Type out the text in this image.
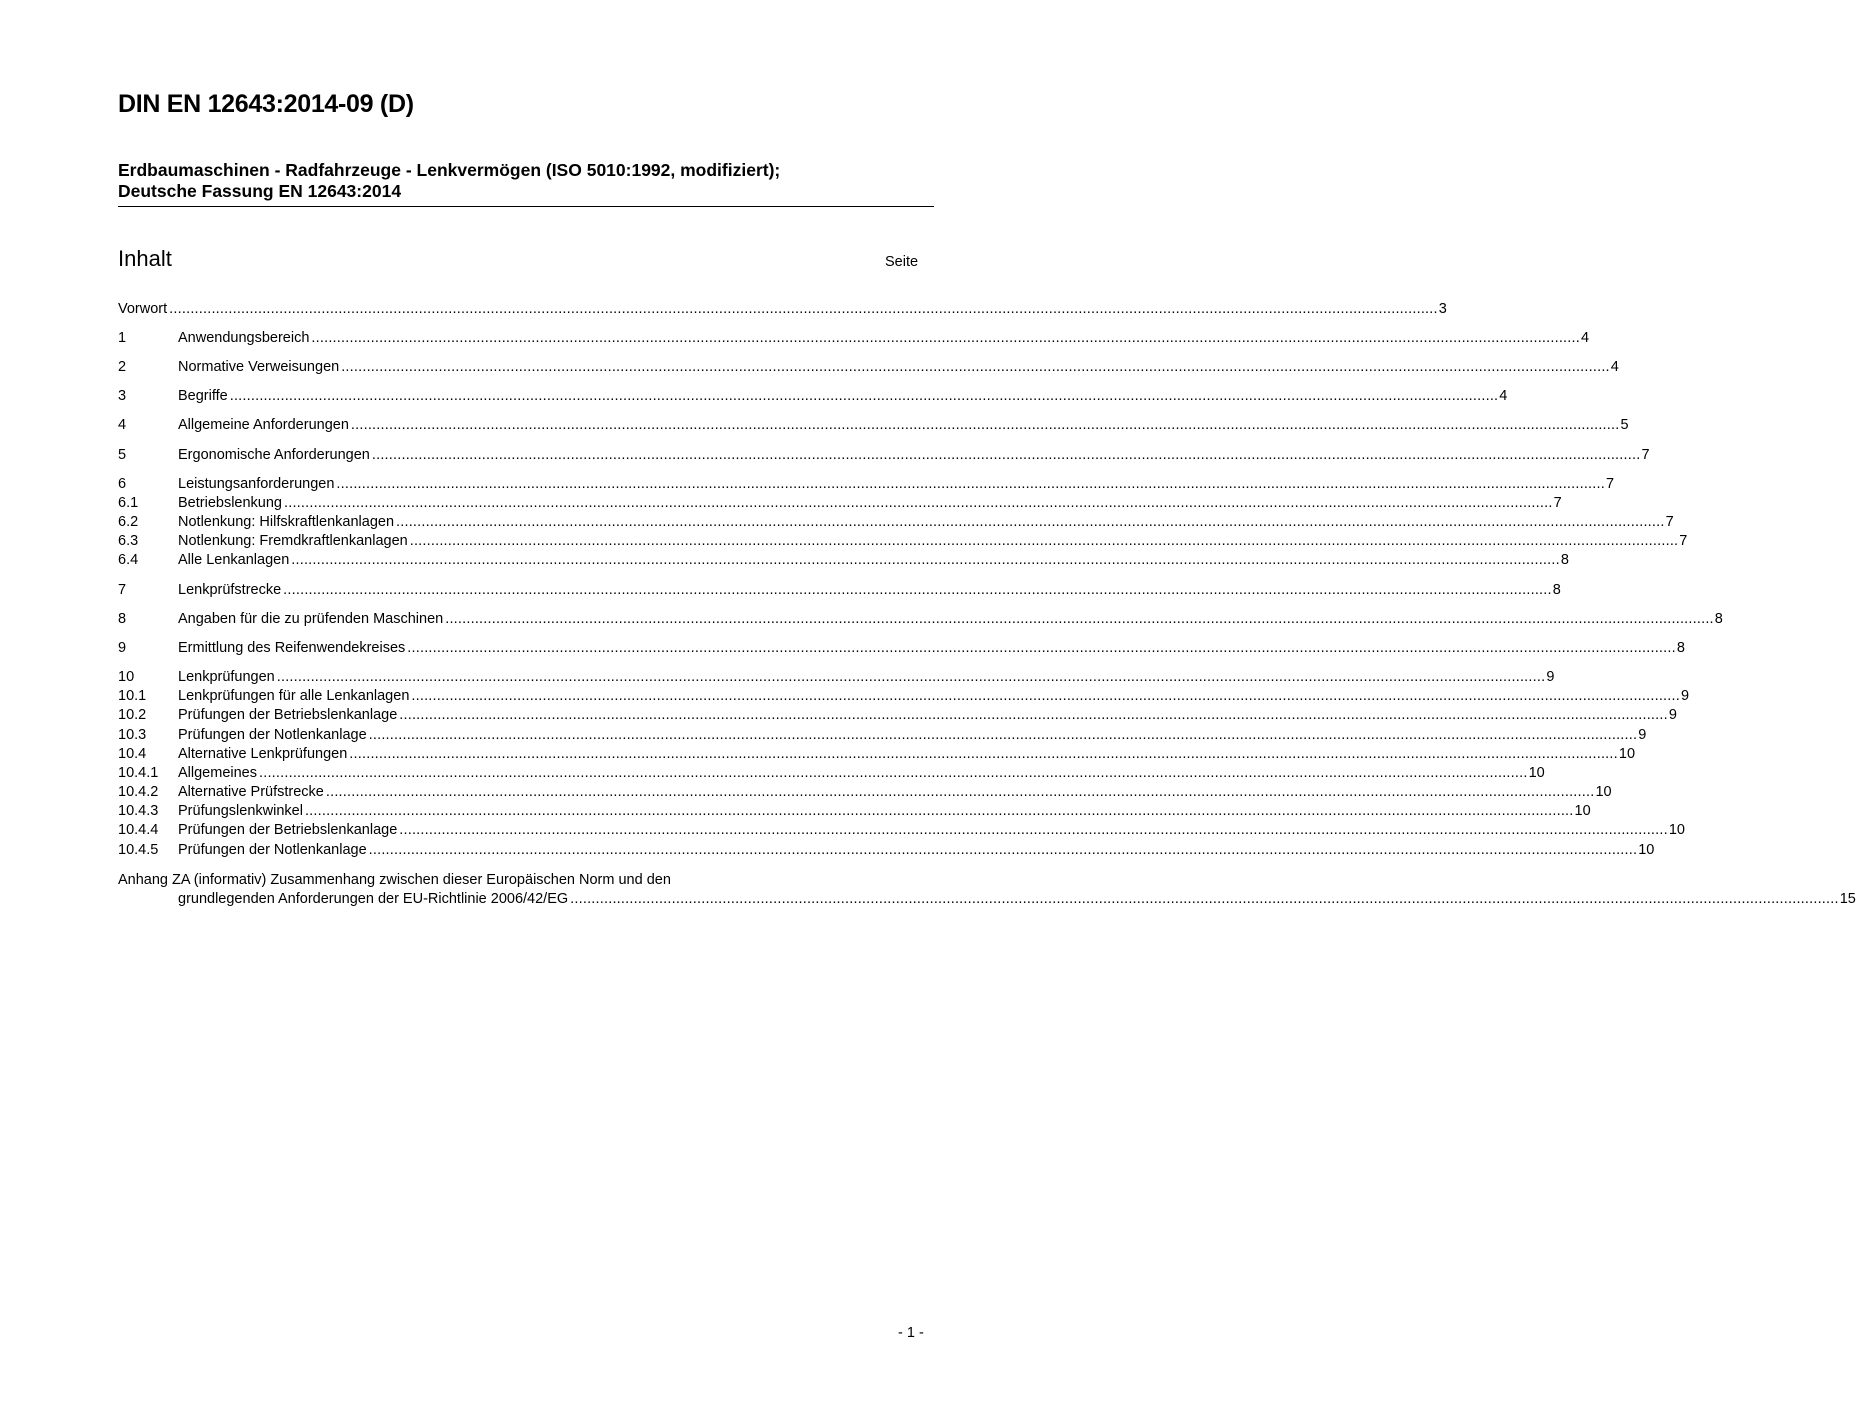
DIN EN 12643:2014-09 (D)
Erdbaumaschinen - Radfahrzeuge - Lenkvermögen (ISO 5010:1992, modifiziert);
Deutsche Fassung EN 12643:2014
Inhalt	Seite
Vorwort ............................................................................................................................................................................................................................................................................................................ 3
1	Anwendungsbereich ............................................................................................................................................................................................................................................................................................................ 4
2	Normative Verweisungen ............................................................................................................................................................................................................................................................................................................ 4
3	Begriffe ............................................................................................................................................................................................................................................................................................................ 4
4	Allgemeine Anforderungen ............................................................................................................................................................................................................................................................................................................ 5
5	Ergonomische Anforderungen ............................................................................................................................................................................................................................................................................................................ 7
6	Leistungsanforderungen ............................................................................................................................................................................................................................................................................................................ 7
6.1	Betriebslenkung ............................................................................................................................................................................................................................................................................................................ 7
6.2	Notlenkung: Hilfskraftlenkanlagen ............................................................................................................................................................................................................................................................................................................ 7
6.3	Notlenkung: Fremdkraftlenkanlagen ............................................................................................................................................................................................................................................................................................................ 7
6.4	Alle Lenkanlagen ............................................................................................................................................................................................................................................................................................................ 8
7	Lenkprüfstrecke ............................................................................................................................................................................................................................................................................................................ 8
8	Angaben für die zu prüfenden Maschinen ............................................................................................................................................................................................................................................................................................................ 8
9	Ermittlung des Reifenwendekreises ............................................................................................................................................................................................................................................................................................................ 8
10	Lenkprüfungen ............................................................................................................................................................................................................................................................................................................ 9
10.1	Lenkprüfungen für alle Lenkanlagen ............................................................................................................................................................................................................................................................................................................ 9
10.2	Prüfungen der Betriebslenkanlage ............................................................................................................................................................................................................................................................................................................ 9
10.3	Prüfungen der Notlenkanlage ............................................................................................................................................................................................................................................................................................................ 9
10.4	Alternative Lenkprüfungen ............................................................................................................................................................................................................................................................................................................ 10
10.4.1	Allgemeines ............................................................................................................................................................................................................................................................................................................ 10
10.4.2	Alternative Prüfstrecke ............................................................................................................................................................................................................................................................................................................ 10
10.4.3	Prüfungslenkwinkel ............................................................................................................................................................................................................................................................................................................ 10
10.4.4	Prüfungen der Betriebslenkanlage ............................................................................................................................................................................................................................................................................................................ 10
10.4.5	Prüfungen der Notlenkanlage ............................................................................................................................................................................................................................................................................................................ 10
Anhang ZA (informativ) Zusammenhang zwischen dieser Europäischen Norm und den
grundlegenden Anforderungen der EU-Richtlinie 2006/42/EG ............................................................................................................................................................................................................................................................................................................ 15
- 1 -
